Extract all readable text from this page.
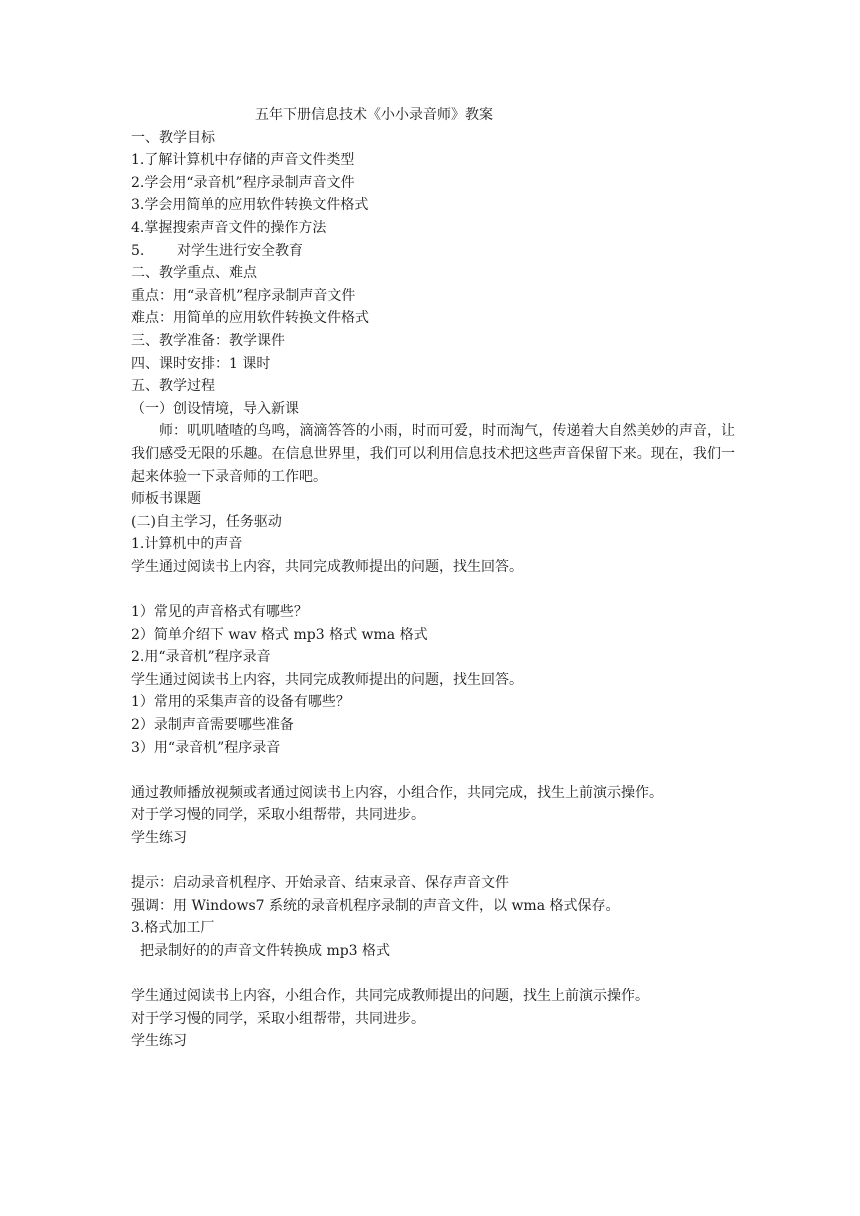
五年下册信息技术《小小录音师》教案
一、教学目标
1.了解计算机中存储的声音文件类型
2.学会用“录音机”程序录制声音文件
3.学会用简单的应用软件转换文件格式
4.掌握搜索声音文件的操作方法
5. 对学生进行安全教育
二、教学重点、难点
重点：用“录音机”程序录制声音文件
难点：用简单的应用软件转换文件格式
三、教学准备：教学课件
四、课时安排：1 课时
五、教学过程
（一）创设情境，导入新课
师：叽叽喳喳的鸟鸣，滴滴答答的小雨，时而可爱，时而淘气，传递着大自然美妙的声音，让我们感受无限的乐趣。在信息世界里，我们可以利用信息技术把这些声音保留下来。现在，我们一起来体验一下录音师的工作吧。
师板书课题
(二)自主学习，任务驱动
1.计算机中的声音
学生通过阅读书上内容，共同完成教师提出的问题，找生回答。
1）常见的声音格式有哪些？
2）简单介绍下 wav 格式 mp3 格式 wma 格式
2.用“录音机”程序录音
学生通过阅读书上内容，共同完成教师提出的问题，找生回答。
1）常用的采集声音的设备有哪些？
2）录制声音需要哪些准备
3）用“录音机”程序录音
通过教师播放视频或者通过阅读书上内容，小组合作，共同完成，找生上前演示操作。
对于学习慢的同学，采取小组帮带，共同进步。
学生练习
提示：启动录音机程序、开始录音、结束录音、保存声音文件
强调：用 Windows7 系统的录音机程序录制的声音文件，以 wma 格式保存。
3.格式加工厂
把录制好的的声音文件转换成 mp3 格式
学生通过阅读书上内容，小组合作，共同完成教师提出的问题，找生上前演示操作。
对于学习慢的同学，采取小组帮带，共同进步。
学生练习
